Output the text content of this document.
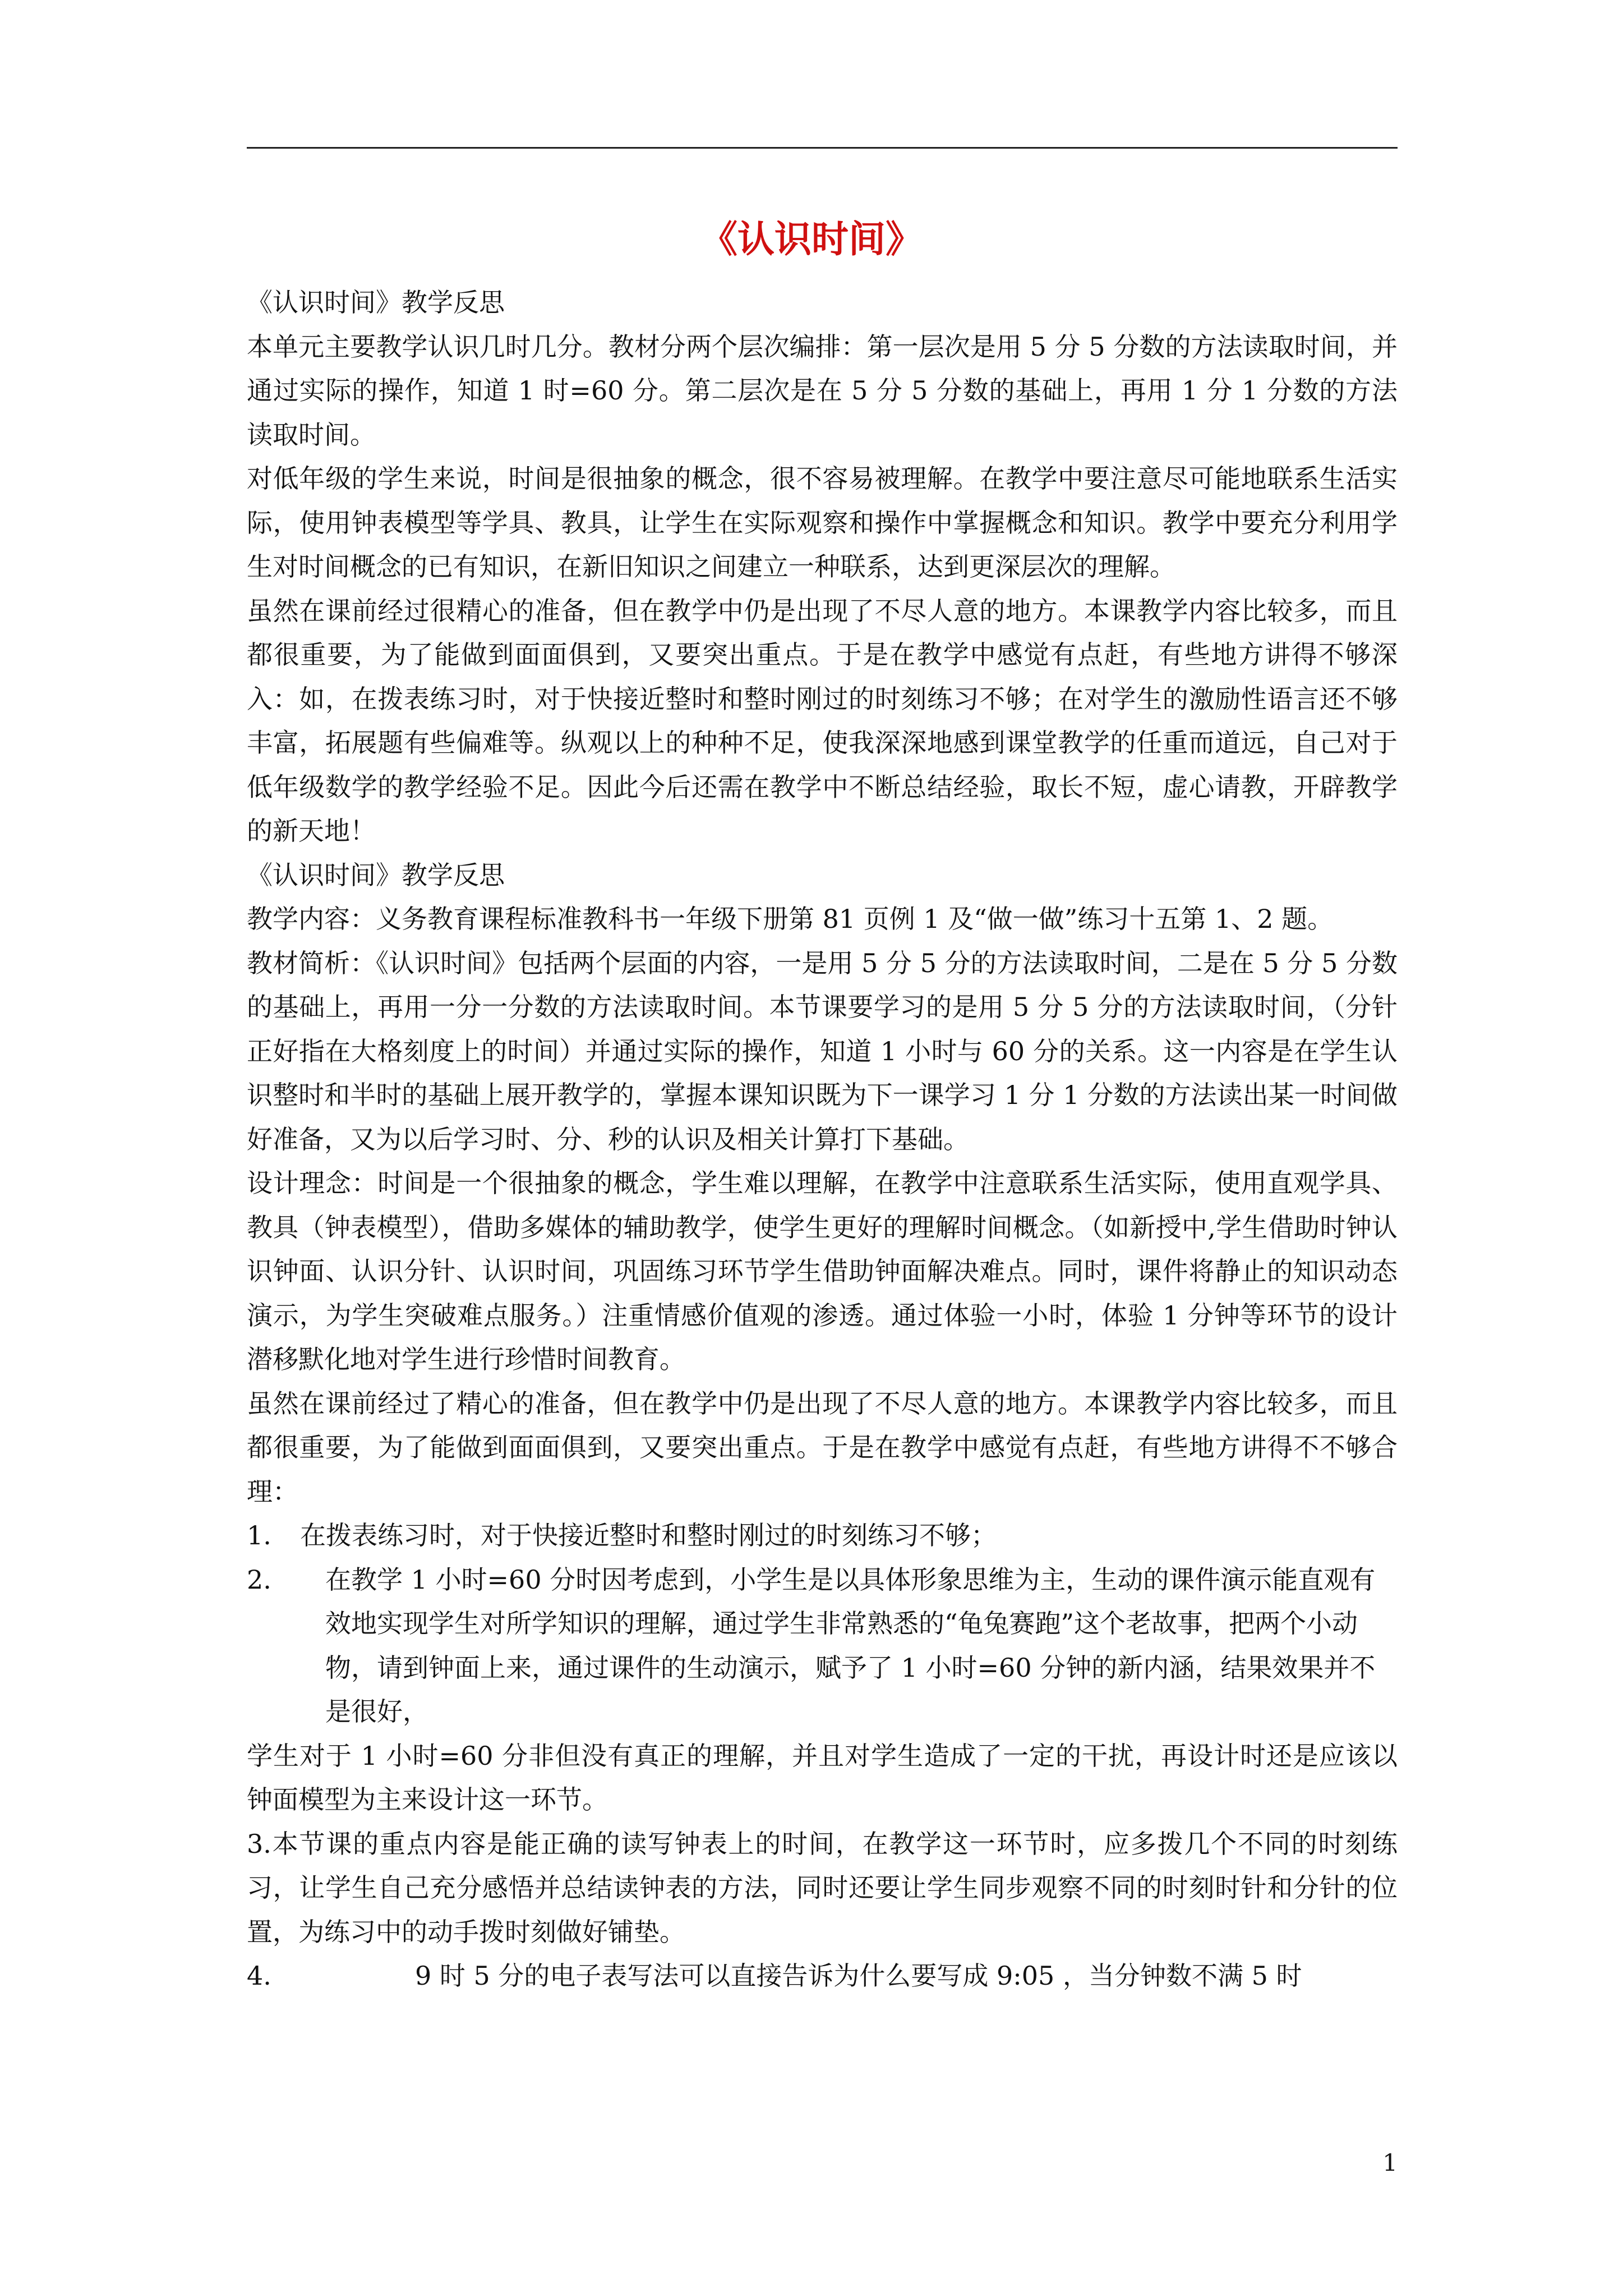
《认识时间》

《认识时间》教学反思

本单元主要教学认识几时几分。教材分两个层次编排：第一层次是用 5 分 5 分数的方法读取时间，并通过实际的操作，知道 1 时=60 分。第二层次是在 5 分 5 分数的基础上，再用 1 分 1 分数的方法读取时间。

对低年级的学生来说，时间是很抽象的概念，很不容易被理解。在教学中要注意尽可能地联系生活实际，使用钟表模型等学具、教具，让学生在实际观察和操作中掌握概念和知识。教学中要充分利用学生对时间概念的已有知识，在新旧知识之间建立一种联系，达到更深层次的理解。

虽然在课前经过很精心的准备，但在教学中仍是出现了不尽人意的地方。本课教学内容比较多，而且都很重要，为了能做到面面俱到，又要突出重点。于是在教学中感觉有点赶，有些地方讲得不够深入：如，在拨表练习时，对于快接近整时和整时刚过的时刻练习不够；在对学生的激励性语言还不够丰富，拓展题有些偏难等。纵观以上的种种不足，使我深深地感到课堂教学的任重而道远，自己对于低年级数学的教学经验不足。因此今后还需在教学中不断总结经验，取长不短，虚心请教，开辟教学的新天地！

《认识时间》教学反思

教学内容：义务教育课程标准教科书一年级下册第 81 页例 1 及“做一做”练习十五第 1、2 题。

教材简析：《认识时间》包括两个层面的内容，一是用 5 分 5 分的方法读取时间，二是在 5 分 5 分数的基础上，再用一分一分数的方法读取时间。本节课要学习的是用 5 分 5 分的方法读取时间，（分针正好指在大格刻度上的时间）并通过实际的操作，知道 1 小时与 60 分的关系。这一内容是在学生认识整时和半时的基础上展开教学的，掌握本课知识既为下一课学习 1 分 1 分数的方法读出某一时间做好准备，又为以后学习时、分、秒的认识及相关计算打下基础。

设计理念：时间是一个很抽象的概念，学生难以理解，在教学中注意联系生活实际，使用直观学具、教具（钟表模型），借助多媒体的辅助教学，使学生更好的理解时间概念。（如新授中,学生借助时钟认识钟面、认识分针、认识时间，巩固练习环节学生借助钟面解决难点。同时，课件将静止的知识动态演示，为学生突破难点服务。）注重情感价值观的渗透。通过体验一小时，体验 1 分钟等环节的设计潜移默化地对学生进行珍惜时间教育。

虽然在课前经过了精心的准备，但在教学中仍是出现了不尽人意的地方。本课教学内容比较多，而且都很重要，为了能做到面面俱到，又要突出重点。于是在教学中感觉有点赶，有些地方讲得不不够合理：

1.	在拨表练习时，对于快接近整时和整时刚过的时刻练习不够；
2.	在教学 1 小时=60 分时因考虑到，小学生是以具体形象思维为主，生动的课件演示能直观有效地实现学生对所学知识的理解，通过学生非常熟悉的“龟兔赛跑”这个老故事，把两个小动物，请到钟面上来，通过课件的生动演示，赋予了 1 小时=60 分钟的新内涵，结果效果并不是很好，

学生对于 1 小时=60 分非但没有真正的理解，并且对学生造成了一定的干扰，再设计时还是应该以钟面模型为主来设计这一环节。

3.本节课的重点内容是能正确的读写钟表上的时间，在教学这一环节时，应多拨几个不同的时刻练习，让学生自己充分感悟并总结读钟表的方法，同时还要让学生同步观察不同的时刻时针和分针的位置，为练习中的动手拨时刻做好铺垫。

4.	9 时 5 分的电子表写法可以直接告诉为什么要写成 9:05 ，当分钟数不满 5 时
1
